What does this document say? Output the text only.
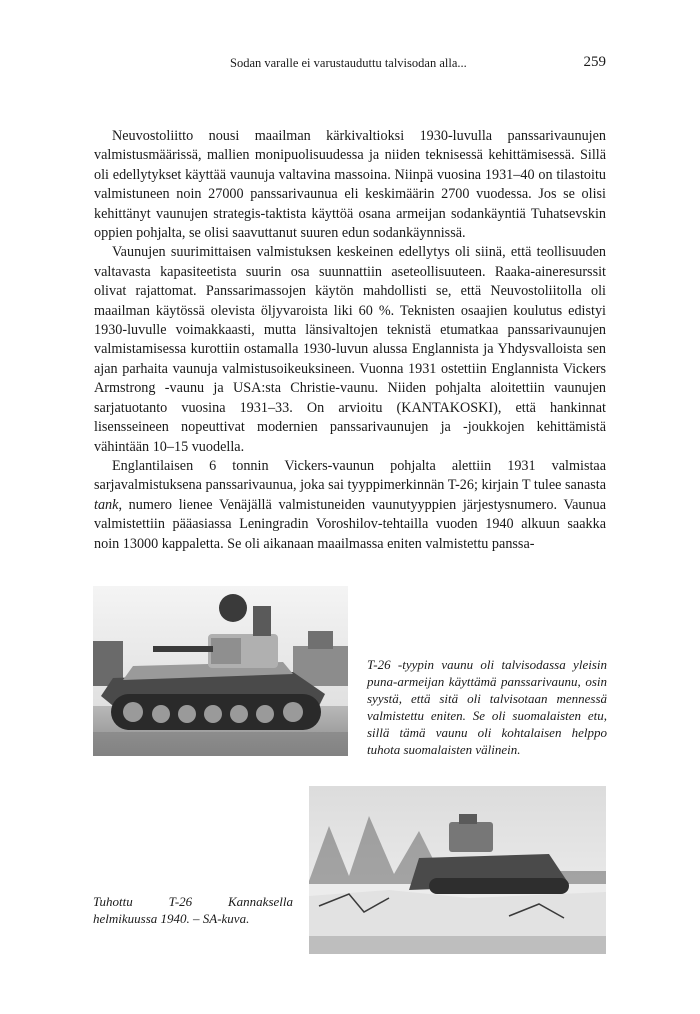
Sodan varalle ei varustauduttu talvisodan alla...	259

Neuvostoliitto nousi maailman kärkivaltioksi 1930-luvulla panssarivaunujen valmistusmäärissä, mallien monipuolisuudessa ja niiden teknisessä kehittämisessä. Sillä oli edellytykset käyttää vaunuja valtavina massoina. Niinpä vuosina 1931–40 on tilastoitu valmistuneen noin 27000 panssarivaunua eli keskimäärin 2700 vuodessa. Jos se olisi kehittänyt vaunujen strategis-taktista käyttöä osana armeijan sodankäyntiä Tuhatsevskin oppien pohjalta, se olisi saavuttanut suuren edun sodankäynnissä.

Vaunujen suurimittaisen valmistuksen keskeinen edellytys oli siinä, että teollisuuden valtavasta kapasiteetista suurin osa suunnattiin aseteollisuuteen. Raaka-aineresurssit olivat rajattomat. Panssarimassojen käytön mahdollisti se, että Neuvostoliitolla oli maailman käytössä olevista öljyvaroista liki 60 %. Teknisten osaajien koulutus edistyi 1930-luvulle voimakkaasti, mutta länsivaltojen teknistä etumatkaa panssarivaunujen valmistamisessa kurottiin ostamalla 1930-luvun alussa Englannista ja Yhdysvalloista sen ajan parhaita vaunuja valmistusoikeuksineen. Vuonna 1931 ostettiin Englannista Vickers Armstrong -vaunu ja USA:sta Christie-vaunu. Niiden pohjalta aloitettiin vaunujen sarjatuotanto vuosina 1931–33. On arvioitu (KANTAKOSKI), että hankinnat lisensseineen nopeuttivat modernien panssarivaunujen ja -joukkojen kehittämistä vähintään 10–15 vuodella.

Englantilaisen 6 tonnin Vickers-vaunun pohjalta alettiin 1931 valmistaa sarjavalmistuksena panssarivaunua, joka sai tyyppimerkinnän T-26; kirjain T tulee sanasta tank, numero lienee Venäjällä valmistuneiden vaunutyyppien järjestysnumero. Vaunua valmistettiin pääasiassa Leningradin Voroshilov-tehtailla vuoden 1940 alkuun saakka noin 13000 kappaletta. Se oli aikanaan maailmassa eniten valmistettu panssa-

T-26 -tyypin vaunu oli talvisodassa yleisin puna-armeijan käyttämä panssarivaunu, osin syystä, että sitä oli talvisotaan mennessä valmistettu eniten. Se oli suomalaisten etu, sillä tämä vaunu oli kohtalaisen helppo tuhota suomalaisten välinein.
Tuhottu T-26 Kannaksella helmikuussa 1940. – SA-kuva.
